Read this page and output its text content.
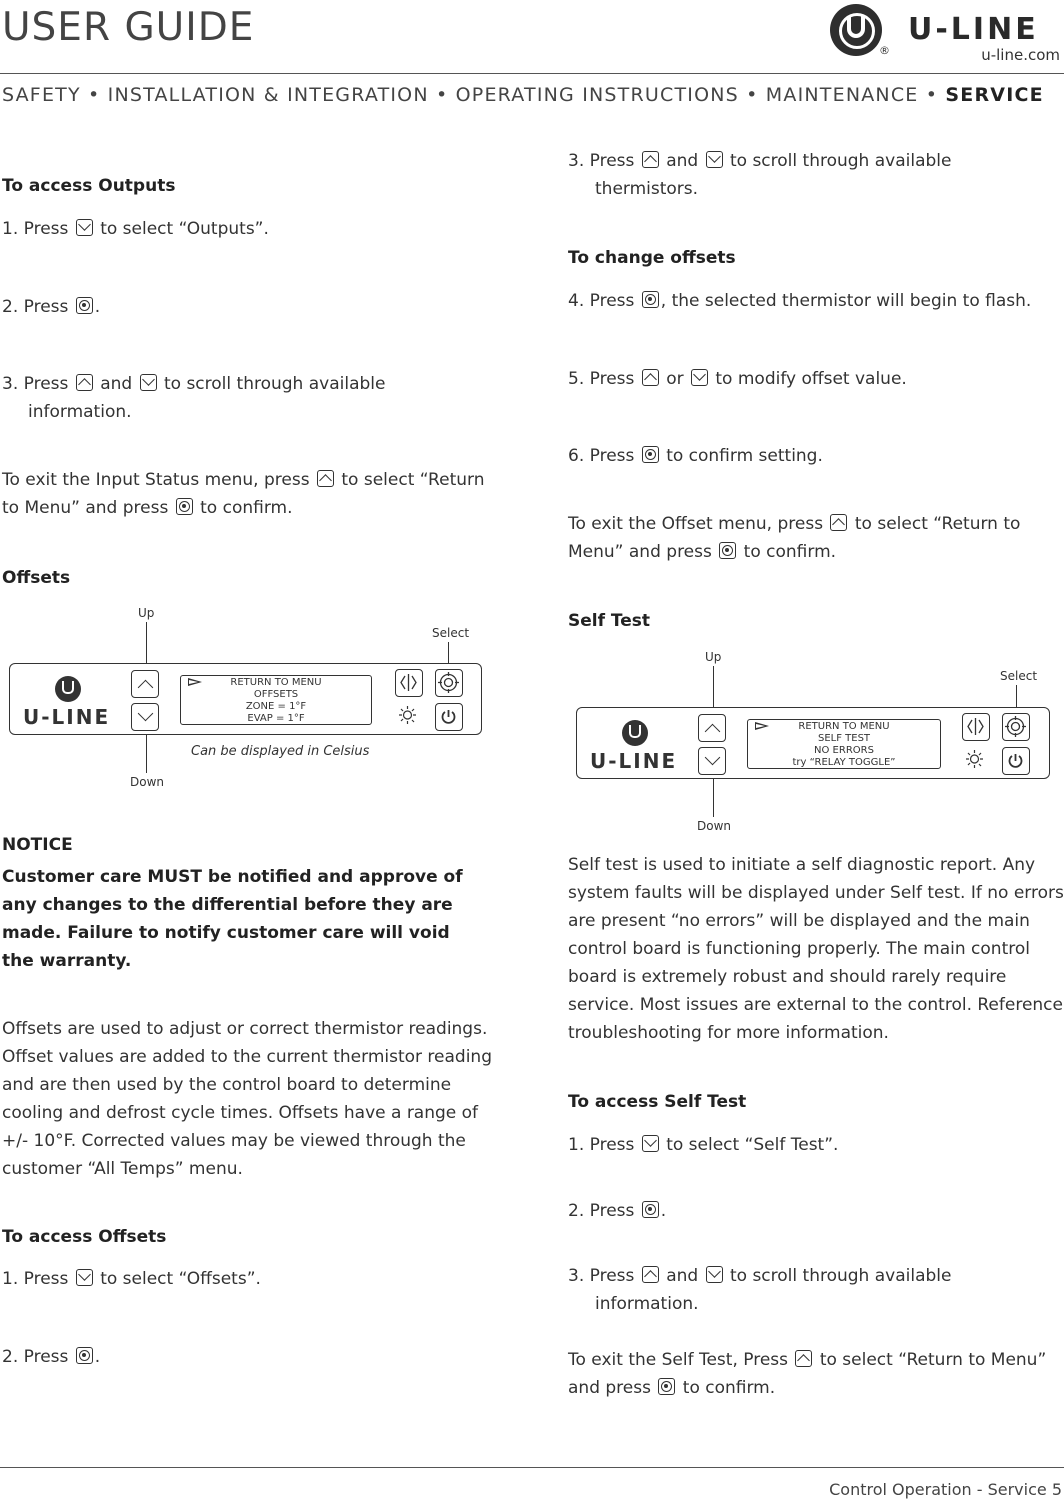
USER GUIDE
®
U-LINE
u-line.com
SAFETY • INSTALLATION & INTEGRATION • OPERATING INSTRUCTIONS • MAINTENANCE • SERVICE
To access Outputs
1. Press  to select “Outputs”.
2. Press .
3. Press  and to scroll through available
information.
To exit the Input Status menu, press  to select “Return
to Menu” and press  to confirm.
Offsets
Up
Select
U-LINE
RETURN TO MENU
OFFSETS
ZONE = 1°F
EVAP = 1°F
Can be displayed in Celsius
Down
NOTICE
Customer care MUST be notified and approve of
any changes to the differential before they are
made. Failure to notify customer care will void
the warranty.
Offsets are used to adjust or correct thermistor readings.
Offset values are added to the current thermistor reading
and are then used by the control board to determine
cooling and defrost cycle times. Offsets have a range of
+/- 10°F. Corrected values may be viewed through the
customer “All Temps” menu.
To access Offsets
1. Press  to select “Offsets”.
2. Press .
3. Press  and to scroll through available
thermistors.
To change offsets
4. Press , the selected thermistor will begin to flash.
5. Press  or to modify offset value.
6. Press  to confirm setting.
To exit the Offset menu, press  to select “Return to
Menu” and press  to confirm.
Self Test
Up
Select
U-LINE
RETURN TO MENU
SELF TEST
NO ERRORS
try “RELAY TOGGLE”
Down
Self test is used to initiate a self diagnostic report. Any
system faults will be displayed under Self test. If no errors
are present “no errors” will be displayed and the main
control board is functioning properly. The main control
board is extremely robust and should rarely require
service. Most issues are external to the control. Reference
troubleshooting for more information.
To access Self Test
1. Press  to select “Self Test”.
2. Press .
3. Press  and to scroll through available
information.
To exit the Self Test, Press  to select “Return to Menu”
and press  to confirm.
Control Operation - Service 5
